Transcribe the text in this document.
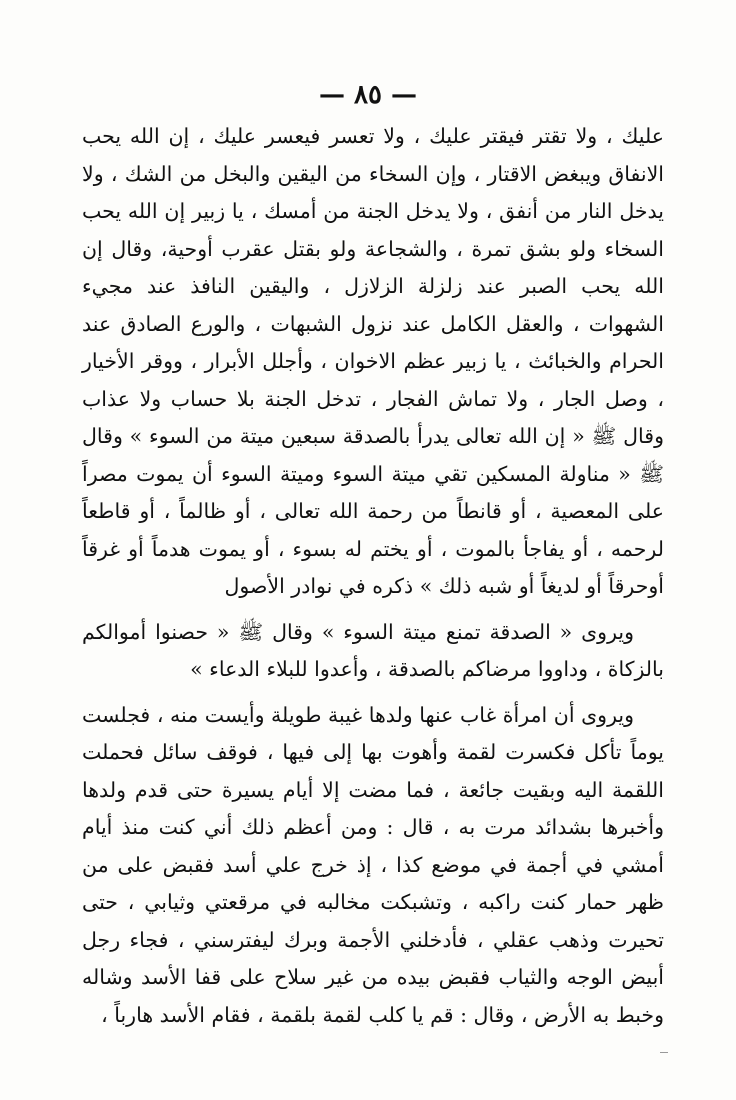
— ٨٥ —

عليك ، ولا تقتر فيقتر عليك ، ولا تعسر فيعسر عليك ، إن الله يحب الانفاق ويبغض الاقتار ، وإن السخاء من اليقين والبخل من الشك ، ولا يدخل النار من أنفق ، ولا يدخل الجنة من أمسك ، يا زبير إن الله يحب السخاء ولو بشق تمرة ، والشجاعة ولو بقتل عقرب أوحية، وقال إن الله يحب الصبر عند زلزلة الزلازل ، واليقين النافذ عند مجيء الشهوات ، والعقل الكامل عند نزول الشبهات ، والورع الصادق عند الحرام والخبائث ، يا زبير عظم الاخوان ، وأجلل الأبرار ، ووقر الأخيار ، وصل الجار ، ولا تماش الفجار ، تدخل الجنة بلا حساب ولا عذاب وقال ﷺ « إن الله تعالى يدرأ بالصدقة سبعين ميتة من السوء » وقال ﷺ « مناولة المسكين تقي ميتة السوء وميتة السوء أن يموت مصراً على المعصية ، أو قانطاً من رحمة الله تعالى ، أو ظالماً ، أو قاطعاً لرحمه ، أو يفاجأ بالموت ، أو يختم له بسوء ، أو يموت هدماً أو غرقاً أوحرقاً أو لديغاً أو شبه ذلك » ذكره في نوادر الأصول

ويروى « الصدقة تمنع ميتة السوء » وقال ﷺ « حصنوا أموالكم بالزكاة ، وداووا مرضاكم بالصدقة ، وأعدوا للبلاء الدعاء »

ويروى أن امرأة غاب عنها ولدها غيبة طويلة وأيست منه ، فجلست يوماً تأكل فكسرت لقمة وأهوت بها إلى فيها ، فوقف سائل فحملت اللقمة اليه وبقيت جائعة ، فما مضت إلا أيام يسيرة حتى قدم ولدها وأخبرها بشدائد مرت به ، قال : ومن أعظم ذلك أني كنت منذ أيام أمشي في أجمة في موضع كذا ، إذ خرج علي أسد فقبض على من ظهر حمار كنت راكبه ، وتشبكت مخالبه في مرقعتي وثيابي ، حتى تحيرت وذهب عقلي ، فأدخلني الأجمة وبرك ليفترسني ، فجاء رجل أبيض الوجه والثياب فقبض بيده من غير سلاح على قفا الأسد وشاله وخبط به الأرض ، وقال : قم يا كلب لقمة بلقمة ، فقام الأسد هارباً ،
